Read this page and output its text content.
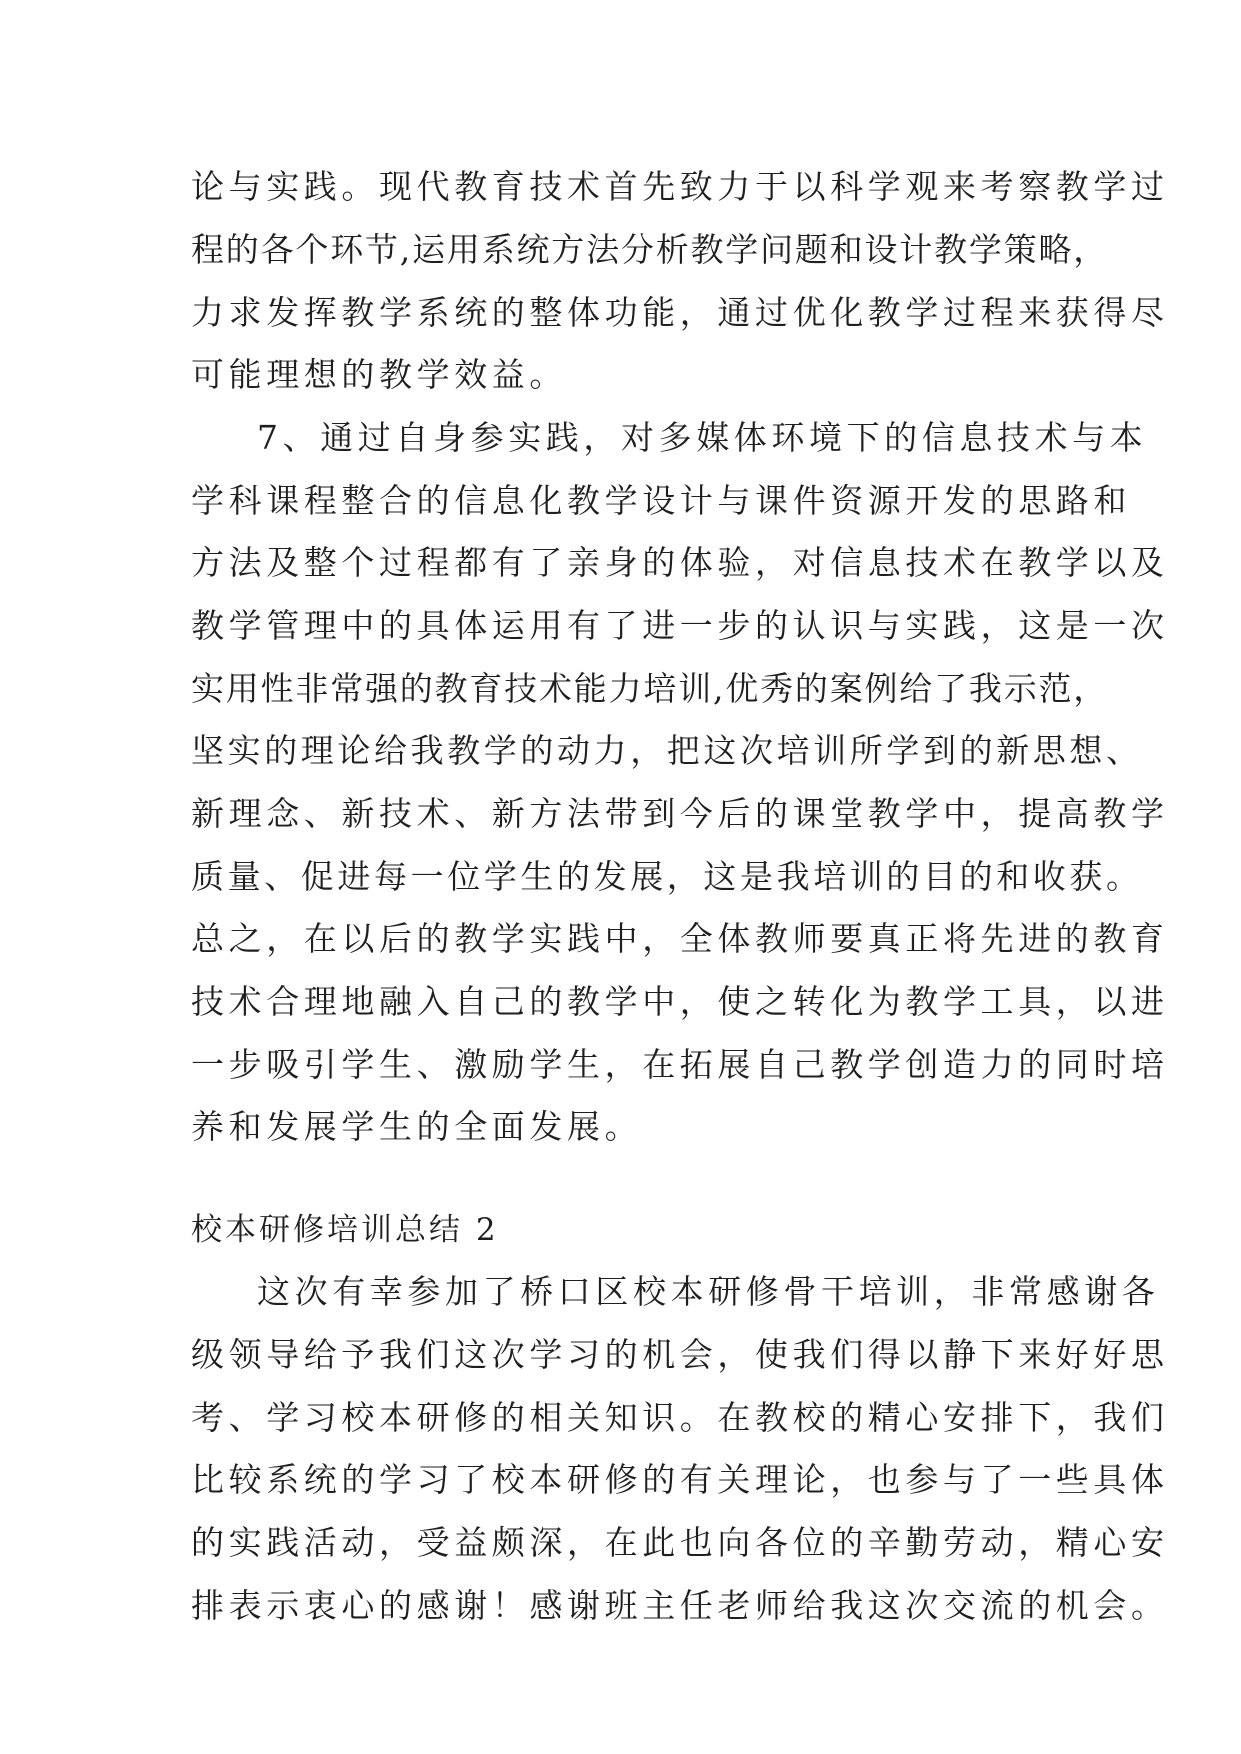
论与实践。现代教育技术首先致力于以科学观来考察教学过
程的各个环节,运用系统方法分析教学问题和设计教学策略，
力求发挥教学系统的整体功能，通过优化教学过程来获得尽
可能理想的教学效益。
7、通过自身参实践，对多媒体环境下的信息技术与本
学科课程整合的信息化教学设计与课件资源开发的思路和
方法及整个过程都有了亲身的体验，对信息技术在教学以及
教学管理中的具体运用有了进一步的认识与实践，这是一次
实用性非常强的教育技术能力培训,优秀的案例给了我示范，
坚实的理论给我教学的动力，把这次培训所学到的新思想、
新理念、新技术、新方法带到今后的课堂教学中，提高教学
质量、促进每一位学生的发展，这是我培训的目的和收获。
总之，在以后的教学实践中，全体教师要真正将先进的教育
技术合理地融入自己的教学中，使之转化为教学工具，以进
一步吸引学生、激励学生，在拓展自己教学创造力的同时培
养和发展学生的全面发展。
校本研修培训总结 2
这次有幸参加了桥口区校本研修骨干培训，非常感谢各
级领导给予我们这次学习的机会，使我们得以静下来好好思
考、学习校本研修的相关知识。在教校的精心安排下，我们
比较系统的学习了校本研修的有关理论，也参与了一些具体
的实践活动，受益颇深，在此也向各位的辛勤劳动，精心安
排表示衷心的感谢！感谢班主任老师给我这次交流的机会。
